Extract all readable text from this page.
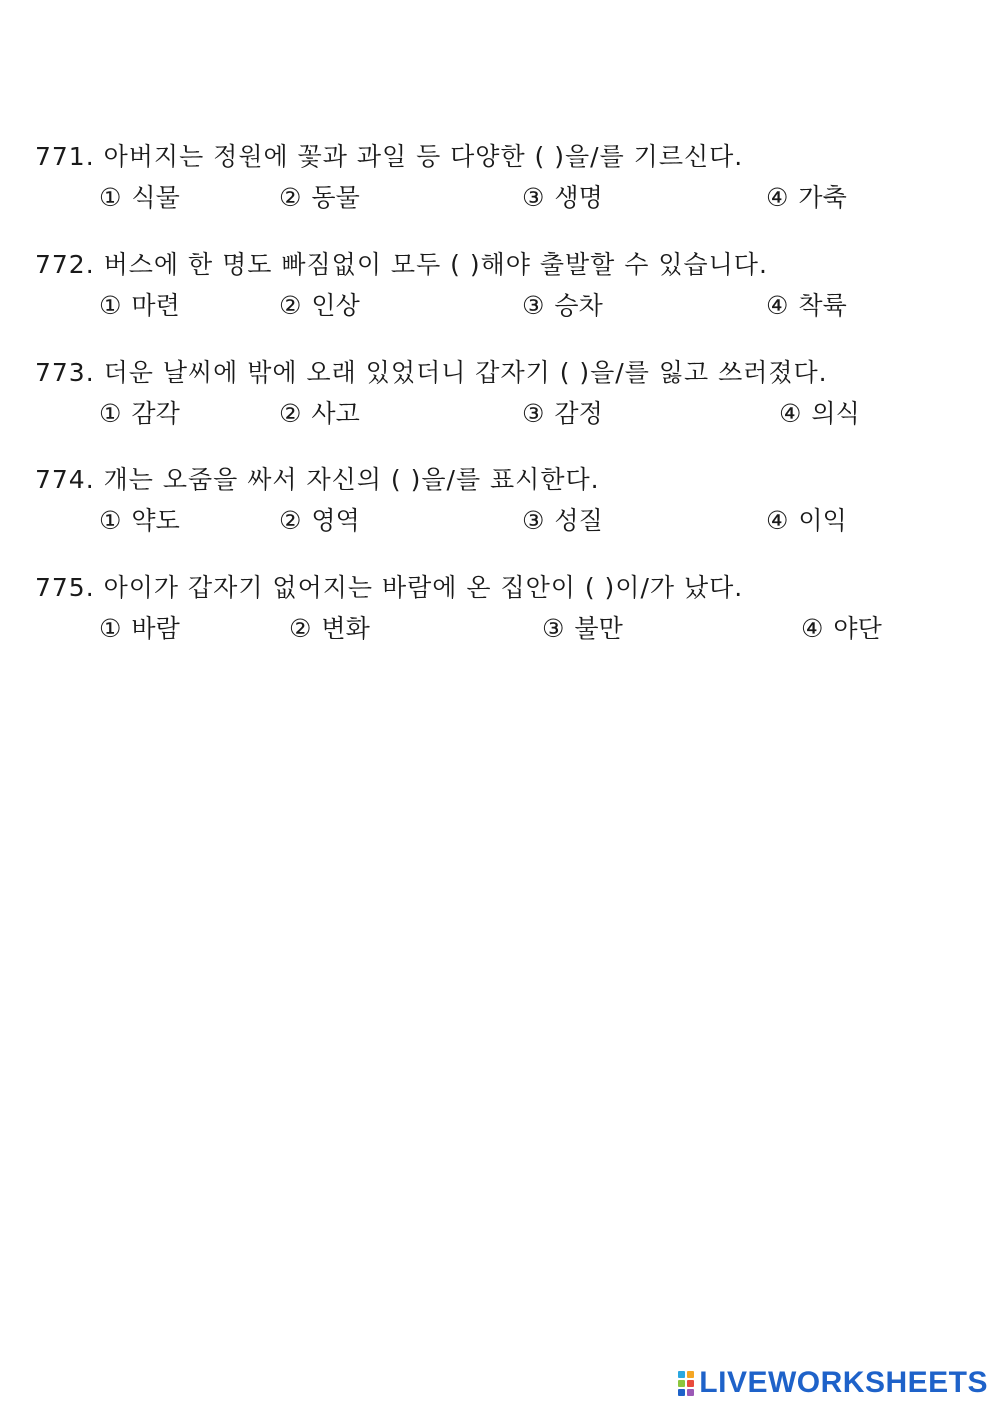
771. 아버지는 정원에 꽃과 과일 등 다양한 ( )을/를 기르신다.
① 식물	② 동물	③ 생명	④ 가축
772. 버스에 한 명도 빠짐없이 모두 ( )해야 출발할 수 있습니다.
① 마련	② 인상	③ 승차	④ 착륙
773. 더운 날씨에 밖에 오래 있었더니 갑자기 ( )을/를 잃고 쓰러졌다.
① 감각	② 사고	③ 감정	④ 의식
774. 개는 오줌을 싸서 자신의 ( )을/를 표시한다.
① 약도	② 영역	③ 성질	④ 이익
775. 아이가 갑자기 없어지는 바람에 온 집안이 ( )이/가 났다.
① 바람	② 변화	③ 불만	④ 야단
LIVEWORKSHEETS
